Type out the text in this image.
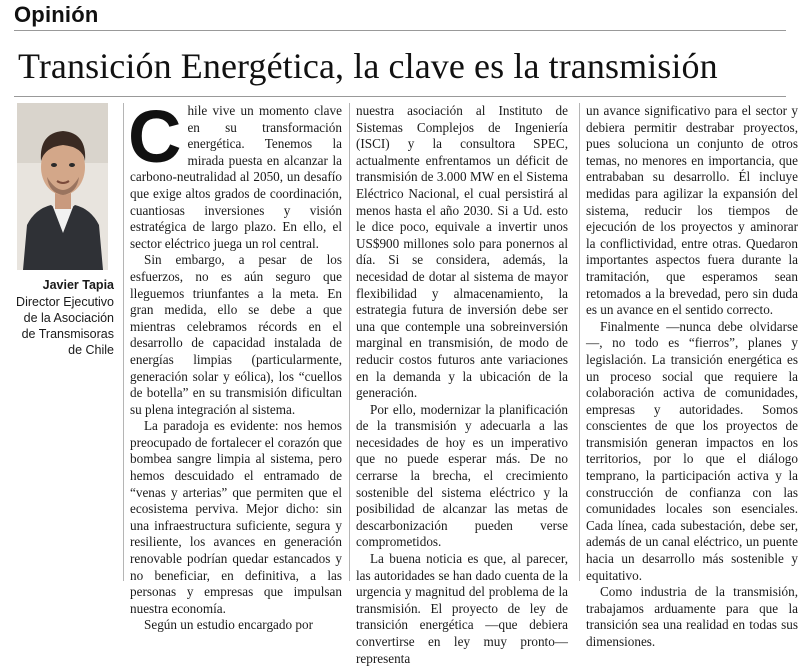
Opinión
Transición Energética, la clave es la transmisión
Javier Tapia
Director Ejecutivo de la Asociación de Transmisoras de Chile

Chile vive un momento clave en su transformación energética. Tenemos la mirada puesta en alcanzar la carbono-neutralidad al 2050, un desafío que exige altos grados de coordinación, cuantiosas inversiones y visión estratégica de largo plazo. En ello, el sector eléctrico juega un rol central.

Sin embargo, a pesar de los esfuerzos, no es aún seguro que lleguemos triunfantes a la meta. En gran medida, ello se debe a que mientras celebramos récords en el desarrollo de capacidad instalada de energías limpias (particularmente, generación solar y eólica), los “cuellos de botella” en su transmisión dificultan su plena integración al sistema.

La paradoja es evidente: nos hemos preocupado de fortalecer el corazón que bombea sangre limpia al sistema, pero hemos descuidado el entramado de “venas y arterias” que permiten que el ecosistema perviva. Mejor dicho: sin una infraestructura suficiente, segura y resiliente, los avances en generación renovable podrían quedar estancados y no beneficiar, en definitiva, a las personas y empresas que impulsan nuestra economía.

Según un estudio encargado por

nuestra asociación al Instituto de Sistemas Complejos de Ingeniería (ISCI) y la consultora SPEC, actualmente enfrentamos un déficit de transmisión de 3.000 MW en el Sistema Eléctrico Nacional, el cual persistirá al menos hasta el año 2030. Si a Ud. esto le dice poco, equivale a invertir unos US$900 millones solo para ponernos al día. Si se considera, además, la necesidad de dotar al sistema de mayor flexibilidad y almacenamiento, la estrategia futura de inversión debe ser una que contemple una sobreinversión marginal en transmisión, de modo de reducir costos futuros ante variaciones en la demanda y la ubicación de la generación.

Por ello, modernizar la planificación de la transmisión y adecuarla a las necesidades de hoy es un imperativo que no puede esperar más. De no cerrarse la brecha, el crecimiento sostenible del sistema eléctrico y la posibilidad de alcanzar las metas de descarbonización pueden verse comprometidos.

La buena noticia es que, al parecer, las autoridades se han dado cuenta de la urgencia y magnitud del problema de la transmisión. El proyecto de ley de transición energética —que debiera convertirse en ley muy pronto— representa

un avance significativo para el sector y debiera permitir destrabar proyectos, pues soluciona un conjunto de otros temas, no menores en importancia, que entrababan su desarrollo. Él incluye medidas para agilizar la expansión del sistema, reducir los tiempos de ejecución de los proyectos y aminorar la conflictividad, entre otras. Quedaron importantes aspectos fuera durante la tramitación, que esperamos sean retomados a la brevedad, pero sin duda es un avance en el sentido correcto.

Finalmente —nunca debe olvidarse—, no todo es “fierros”, planes y legislación. La transición energética es un proceso social que requiere la colaboración activa de comunidades, empresas y autoridades. Somos conscientes de que los proyectos de transmisión generan impactos en los territorios, por lo que el diálogo temprano, la participación activa y la construcción de confianza con las comunidades locales son esenciales. Cada línea, cada subestación, debe ser, además de un canal eléctrico, un puente hacia un desarrollo más sostenible y equitativo.

Como industria de la transmisión, trabajamos arduamente para que la transición sea una realidad en todas sus dimensiones.
